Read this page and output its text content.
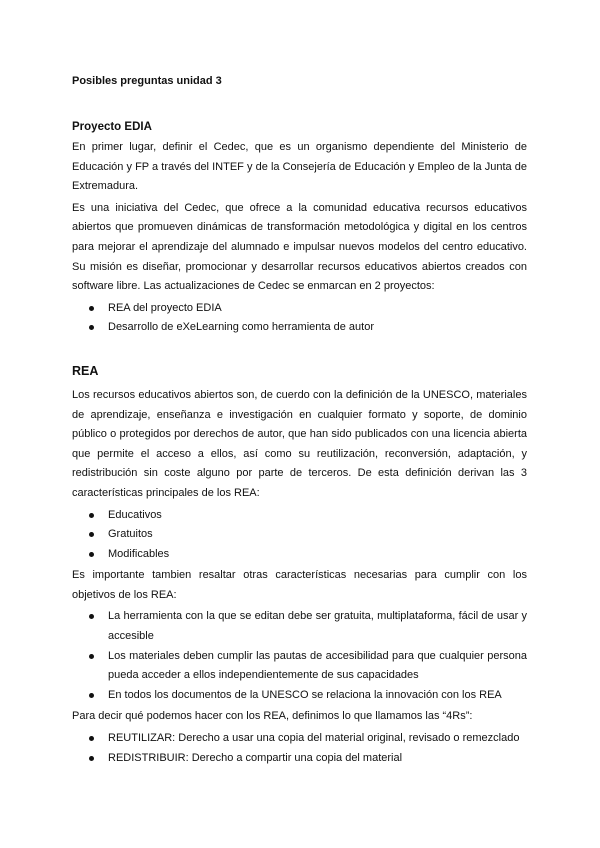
Posibles preguntas unidad 3
Proyecto EDIA

En primer lugar, definir el Cedec, que es un organismo dependiente del Ministerio de Educación y FP a través del INTEF y de la Consejería de Educación y Empleo de la Junta de Extremadura.

Es una iniciativa del Cedec, que ofrece a la comunidad educativa recursos educativos abiertos que promueven dinámicas de transformación metodológica y digital en los centros para mejorar el aprendizaje del alumnado e impulsar nuevos modelos del centro educativo. Su misión es diseñar, promocionar y desarrollar recursos educativos abiertos creados con software libre. Las actualizaciones de Cedec se enmarcan en 2 proyectos:

REA del proyecto EDIA
Desarrollo de eXeLearning como herramienta de autor
REA

Los recursos educativos abiertos son, de cuerdo con la definición de la UNESCO, materiales de aprendizaje, enseñanza e investigación en cualquier formato y soporte, de dominio público o protegidos por derechos de autor, que han sido publicados con una licencia abierta que permite el acceso a ellos, así como su reutilización, reconversión, adaptación, y redistribución sin coste alguno por parte de terceros. De esta definición derivan las 3 características principales de los REA:

Educativos
Gratuitos
Modificables

Es importante tambien resaltar otras características necesarias para cumplir con los objetivos de los REA:

La herramienta con la que se editan debe ser gratuita, multiplataforma, fácil de usar y accesible
Los materiales deben cumplir las pautas de accesibilidad para que cualquier persona pueda acceder a ellos independientemente de sus capacidades
En todos los documentos de la UNESCO se relaciona la innovación con los REA

Para decir qué podemos hacer con los REA, definimos lo que llamamos las “4Rs”:

REUTILIZAR: Derecho a usar una copia del material original, revisado o remezclado
REDISTRIBUIR: Derecho a compartir una copia del material
